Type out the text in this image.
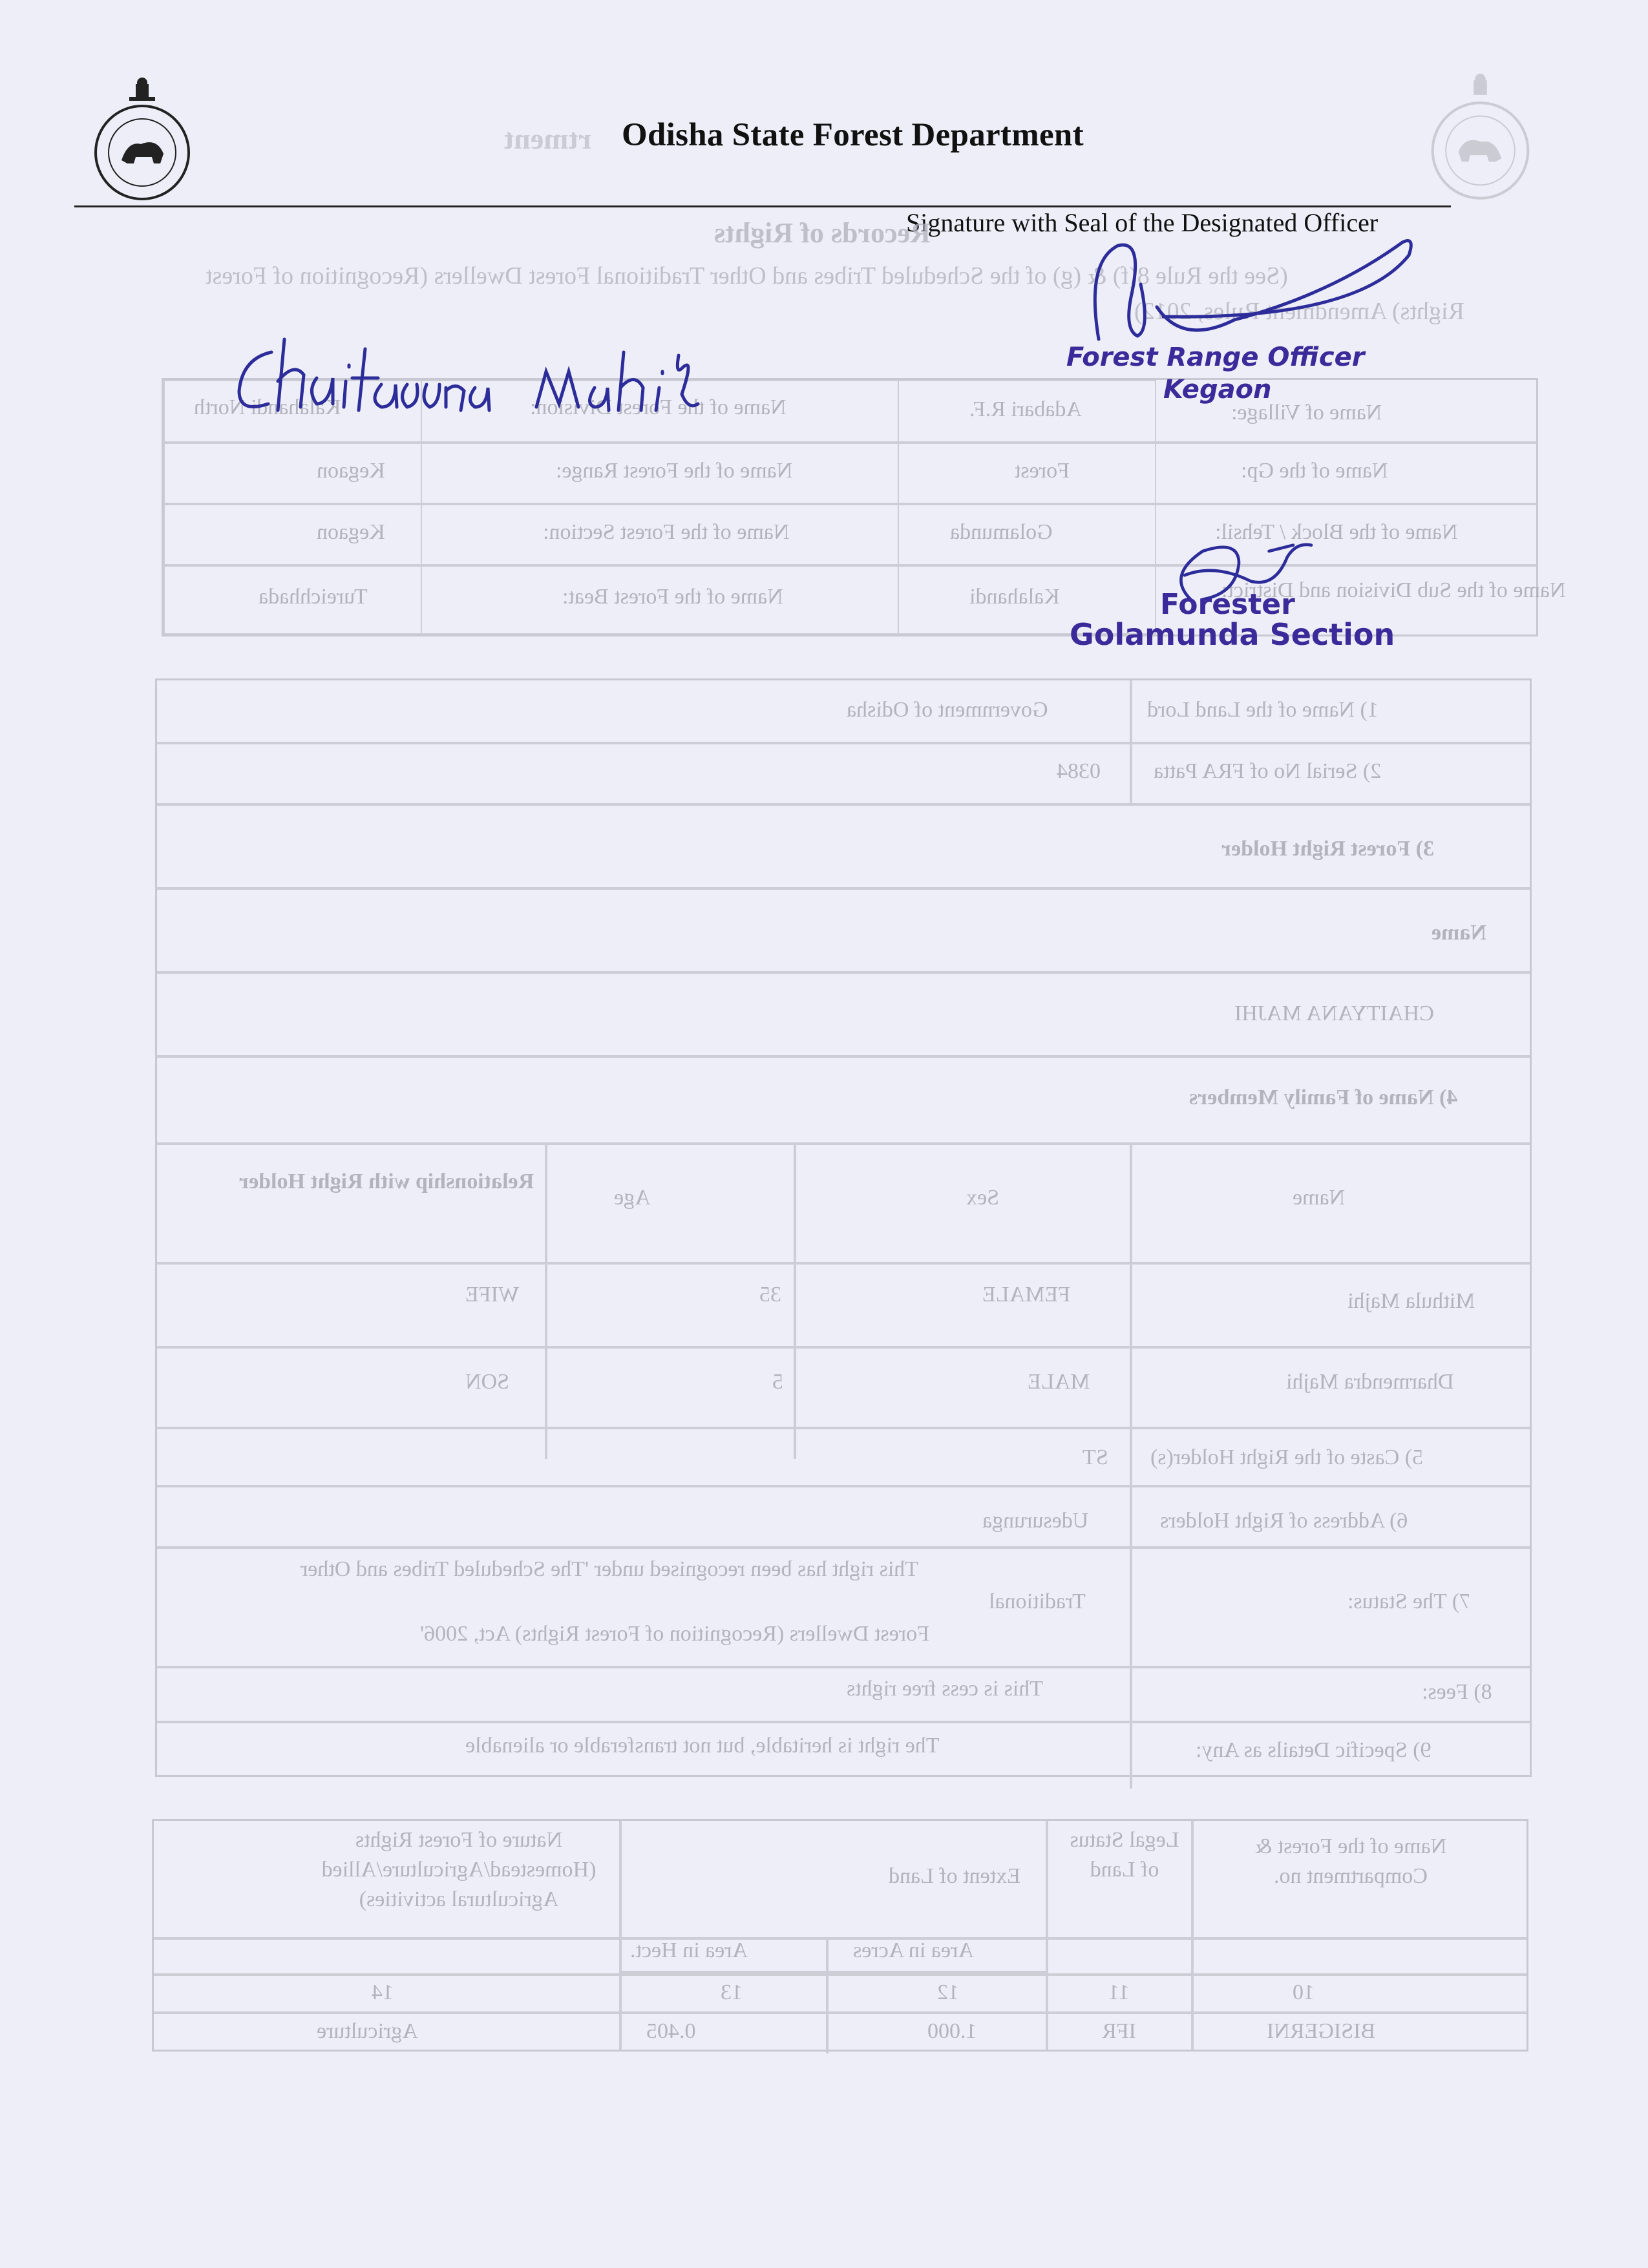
rtment Odisha State Forest Department
Signature with Seal of the Designated Officer
Records of Rights
(See the Rule 8(f) & (g) of the Scheduled Tribes and Other Traditional Forest Dwellers (Recognition of Forest
Rights) Amendment Rules, 2012)
Name of Village:
Adabari R.F.
Name of the Forest Division:
Kalahandi North
Name of the Gp:
Forest
Name of the Forest Range:
Kegaon
Name of the Block / Tehsil:
Golamunda
Name of the Forest Section:
Kegaon
Name of the Sub Division and District:
Kalahandi
Name of the Forest Beat:
Tureichhada
1) Name of the Land Lord
Government of Odisha
2) Serial No of FRA Patta
0384
3) Forest Right Holder
Name
CHAITYANA MAJHI
4) Name of Family Members
Name
Sex
Age
Relationship with Right Holder
Mithula Majhi
FEMALE
35
WIFE
Dharmendra Majhi
MALE
5
SON
5) Caste of the Right Holder(s)
ST
6) Address of Right Holders
Udesurunga
7) The Status:
This right has been recognised under 'The Scheduled Tribes and Other
Traditional
Forest Dwellers (Recognition of Forest Rights) Act, 2006'
8) Fees:
This is cess free rights
9) Specific Details as Any:
The right is heritable, but not transferable or alienable
Name of the Forest & Compartment no.
Legal Status of Land
Extent of Land
Nature of Forest Rights (Homestead/Agriculture/Allied Agricultural activities)
Area in Acres
Area in Hect.
10
11
12
13
14
BISIGERNI
IFR
1.000
0.405
Agriculture
Forest Range Officer
Kegaon
Forester
Golamunda Section
